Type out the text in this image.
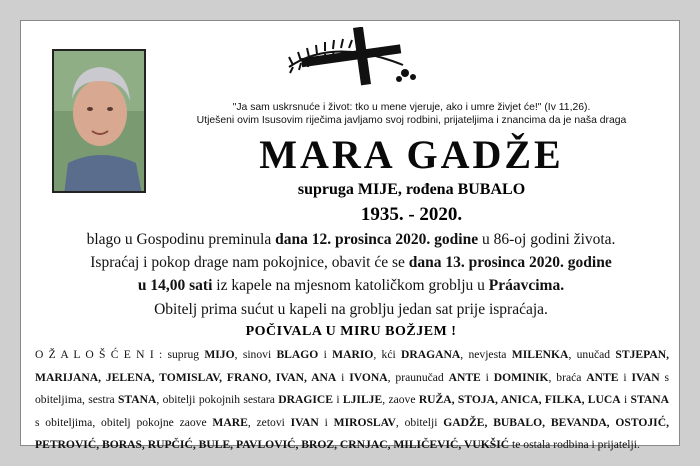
"Ja sam uskrsnuće i život: tko u mene vjeruje, ako i umre živjet će!" (Iv 11,26).
Utješeni ovim Isusovim riječima javljamo svoj rodbini, prijateljima i znancima da je naša draga
MARA GADŽE
supruga MIJE, rođena BUBALO
1935. - 2020.
blago u Gospodinu preminula dana 12. prosinca 2020. godine u 86-oj godini života.
Ispraćaj i pokop drage nam pokojnice, obavit će se dana 13. prosinca 2020. godine
u 14,00 sati iz kapele na mjesnom katoličkom groblju u Práavcima.
Obitelj prima sućut u kapeli na groblju jedan sat prije ispraćaja.
POČIVALA U MIRU BOŽJEM !
O Ž A L O Š Ć E N I : suprug MIJO, sinovi BLAGO i MARIO, kći DRAGANA, nevjesta MILENKA, unučad STJEPAN, MARIJANA, JELENA, TOMISLAV, FRANO, IVAN, ANA i IVONA, praunučad ANTE i DOMINIK, braća ANTE i IVAN s obiteljima, sestra STANA, obitelji pokojnih sestara DRAGICE i LJILJE, zaove RUŽA, STOJA, ANICA, FILKA, LUCA i STANA s obiteljima, obitelj pokojne zaove MARE, zetovi IVAN i MIROSLAV, obitelji GADŽE, BUBALO, BEVANDA, OSTOJIĆ, PETROVIĆ, BORAS, RUPČIĆ, BULE, PAVLOVIĆ, BROZ, CRNJAC, MILIČEVIĆ, VUKŠIĆ te ostala rodbina i prijatelji.
